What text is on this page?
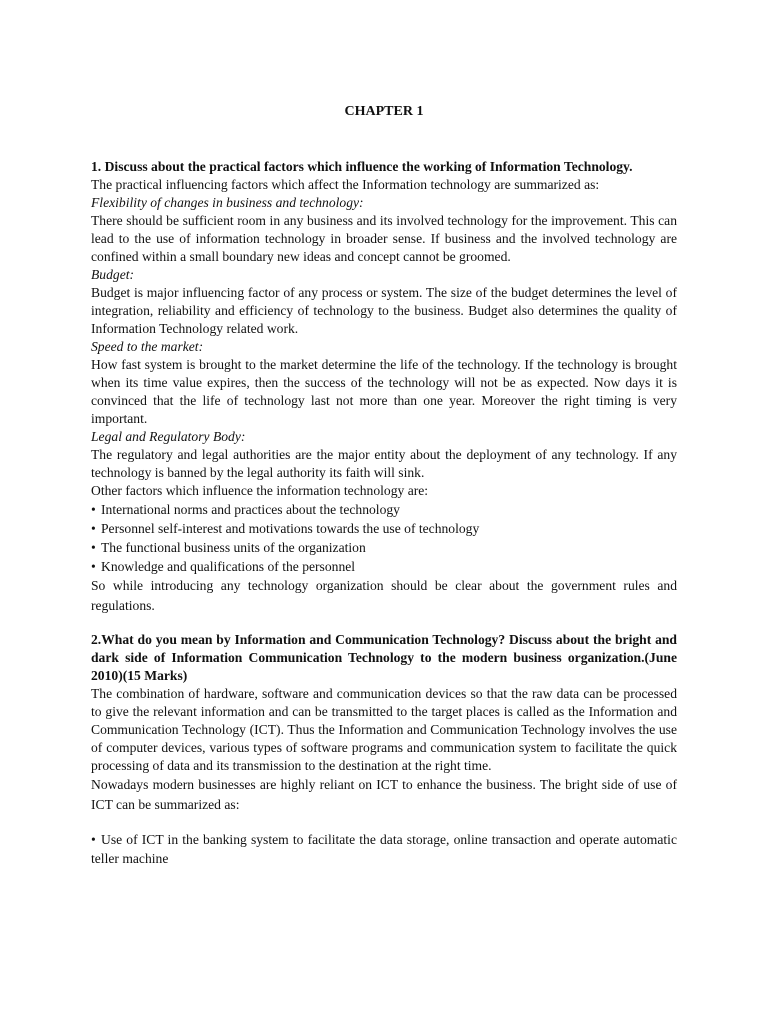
CHAPTER 1

1. Discuss about the practical factors which influence the working of Information Technology.

The practical influencing factors which affect the Information technology are summarized as:

Flexibility of changes in business and technology:

There should be sufficient room in any business and its involved technology for the improvement. This can lead to the use of information technology in broader sense. If business and the involved technology are confined within a small boundary new ideas and concept cannot be groomed.

Budget:

Budget is major influencing factor of any process or system. The size of the budget determines the level of integration, reliability and efficiency of technology to the business. Budget also determines the quality of Information Technology related work.

Speed to the market:

How fast system is brought to the market determine the life of the technology. If the technology is brought when its time value expires, then the success of the technology will not be as expected. Now days it is convinced that the life of technology last not more than one year. Moreover the right timing is very important.

Legal and Regulatory Body:

The regulatory and legal authorities are the major entity about the deployment of any technology. If any technology is banned by the legal authority its faith will sink.

Other factors which influence the information technology are:

• International norms and practices about the technology
• Personnel self-interest and motivations towards the use of technology
• The functional business units of the organization
• Knowledge and qualifications of the personnel

So while introducing any technology organization should be clear about the government rules and regulations.

2.What do you mean by Information and Communication Technology? Discuss about the bright and dark side of Information Communication Technology to the modern business organization.(June 2010)(15 Marks)

The combination of hardware, software and communication devices so that the raw data can be processed to give the relevant information and can be transmitted to the target places is called as the Information and Communication Technology (ICT). Thus the Information and Communication Technology involves the use of computer devices, various types of software programs and communication system to facilitate the quick processing of data and its transmission to the destination at the right time.

Nowadays modern businesses are highly reliant on ICT to enhance the business. The bright side of use of ICT can be summarized as:

• Use of ICT in the banking system to facilitate the data storage, online transaction and operate automatic teller machine
